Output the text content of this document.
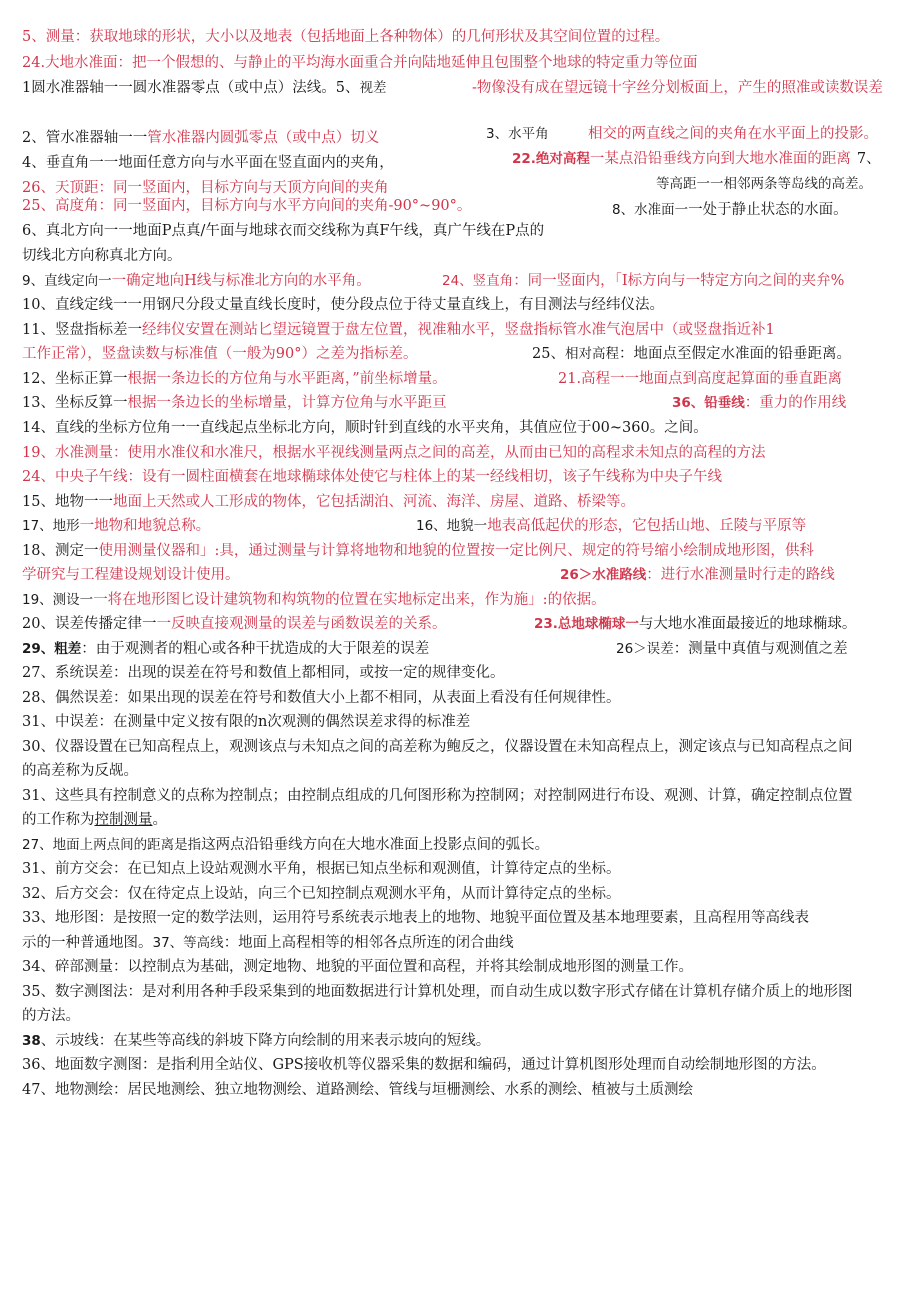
5、测量：获取地球的形状，大小以及地表（包括地面上各种物体）的几何形状及其空间位置的过程。
24.大地水准面：把一个假想的、与静止的平均海水面重合并向陆地延伸且包围整个地球的特定重力等位面
1圆水准器轴一一圆水准器零点（或中点）法线。5、视差	-物像没有成在望远镜十字丝分划板面上，产生的照准或读数误差
2、管水准器轴一一管水准器内圆弧零点（或中点）切义	3、水平角	相交的两直线之间的夹角在水平面上的投影。
4、垂直角一一地面任意方向与水平面在竖直面内的夹角，	22.绝对高程一某点沿铅垂线方向到大地水准面的距离 7、
26、天顶距：同一竖面内，目标方向与天顶方向间的夹角	等高距一一相邻两条等岛线的高差。
25、高度角：同一竖面内，目标方向与水平方向间的夹角-90°~90°。	8、水准面一一处于静止状态的水面。
6、真北方向一一地面P点真/午面与地球衣而交线称为真F午线，真广午线在P点的
切线北方向称真北方向。
9、直线定向一一确定地向H线与标准北方向的水平角。	24、竖直角：同一竖面内，「I标方向与一特定方向之间的夹弁%
10、直线定线一一用钢尺分段丈量直线长度时，使分段点位于待丈量直线上，有目测法与经纬仪法。
11、竖盘指标差一经纬仪安置在测站匕望远镜置于盘左位置，视准釉水平，竖盘指标管水准气泡居中（或竖盘指近补1
工作正常），竖盘读数与标准值（一般为90°）之差为指标差。	25、相对高程：地面点至假定水准面的铅垂距离。
12、坐标正算一根据一条边长的方位角与水平距离，”前坐标增量。	21.高程一一地面点到高度起算面的垂直距离
13、坐标反算一根据一条边长的坐标增量，计算方位角与水平距亘	36、铅垂线：重力的作用线
14、直线的坐标方位角一一直线起点坐标北方向，顺时针到直线的水平夹角，其值应位于00~360。之间。
19、水准测量：使用水准仪和水准尺，根据水平视线测量两点之间的高差，从而由已知的高程求未知点的高程的方法
24、中央子午线：设有一圆柱面横套在地球椭球体处使它与柱体上的某一经线相切，该子午线称为中央子午线
15、地物一一地面上天然或人工形成的物体，它包括湖泊、河流、海洋、房屋、道路、桥梁等。
17、地形一地物和地貌总称。	16、地貌一地表高低起伏的形态，它包括山地、丘陵与平原等
18、测定一使用测量仪器和」:具，通过测量与计算将地物和地貌的位置按一定比例尺、规定的符号缩小绘制成地形图，供科
学研究与工程建设规划设计使用。	26＞水准路线：进行水准测量时行走的路线
19、测设一一将在地形图匕设计建筑物和构筑物的位置在实地标定出来，作为施」:的依据。
20、误差传播定律一一反映直接观测量的误差与函数误差的关系。	23.总地球椭球一与大地水准面最接近的地球椭球。
29、粗差：由于观测者的粗心或各种干扰造成的大于限差的误差	26＞误差：测量中真值与观测值之差
27、系统误差：出现的误差在符号和数值上都相同，或按一定的规律变化。
28、偶然误差：如果出现的误差在符号和数值大小上都不相同，从表面上看没有任何规律性。
31、中误差：在测量中定义按有限的n次观测的偶然误差求得的标准差
30、仪器设置在已知高程点上，观测该点与未知点之间的高差称为鲍反之，仪器设置在未知高程点上，测定该点与已知高程点之间
的高差称为反觇。
31、这些具有控制意义的点称为控制点；由控制点组成的几何图形称为控制网；对控制网进行布设、观测、计算，确定控制点位置
的工作称为控制测量。
27、地面上两点间的距离是指这两点沿铅垂线方向在大地水准面上投影点间的弧长。
31、前方交会：在已知点上设站观测水平角，根据已知点坐标和观测值，计算待定点的坐标。
32、后方交会：仅在待定点上设站，向三个已知控制点观测水平角，从而计算待定点的坐标。
33、地形图：是按照一定的数学法则，运用符号系统表示地表上的地物、地貌平面位置及基本地理要素，且高程用等高线表
示的一种普通地图。37、等高线：地面上高程相等的相邻各点所连的闭合曲线
34、碎部测量：以控制点为基础，测定地物、地貌的平面位置和高程，并将其绘制成地形图的测量工作。
35、数字测图法：是对利用各种手段采集到的地面数据进行计算机处理，而自动生成以数字形式存储在计算机存储介质上的地形图
的方法。
38、示坡线：在某些等高线的斜坡下降方向绘制的用来表示坡向的短线。
36、地面数字测图：是指利用全站仪、GPS接收机等仪器采集的数据和编码，通过计算机图形处理而自动绘制地形图的方法。
47、地物测绘：居民地测绘、独立地物测绘、道路测绘、管线与垣栅测绘、水系的测绘、植被与土质测绘
